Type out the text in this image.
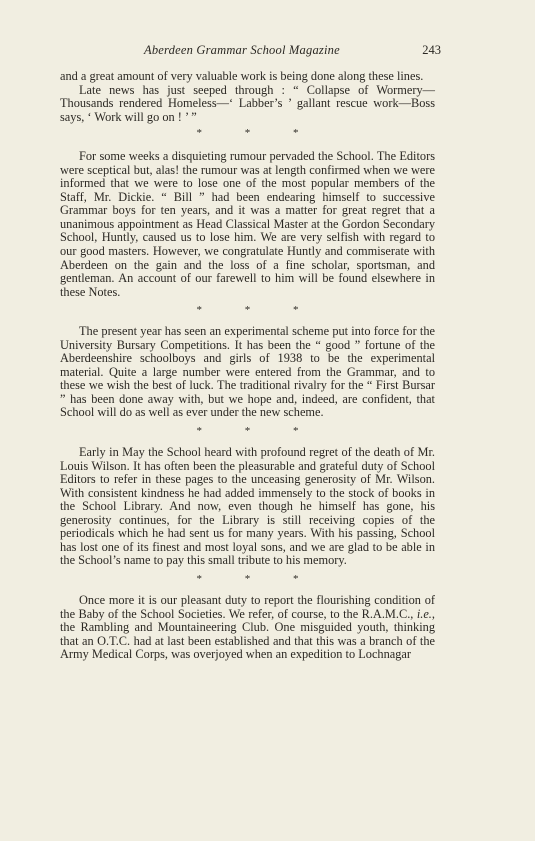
Aberdeen Grammar School Magazine	243

and a great amount of very valuable work is being done along these lines.

Late news has just seeped through : “ Collapse of Wormery—Thousands rendered Homeless—‘ Labber’s ’ gallant rescue work—Boss says, ‘ Work will go on ! ’ ”

* * *

For some weeks a disquieting rumour pervaded the School. The Editors were sceptical but, alas! the rumour was at length confirmed when we were informed that we were to lose one of the most popular members of the Staff, Mr. Dickie. “ Bill ” had been endearing himself to successive Grammar boys for ten years, and it was a matter for great regret that a unanimous appointment as Head Classical Master at the Gordon Secondary School, Huntly, caused us to lose him. We are very selfish with regard to our good masters. However, we congratulate Huntly and commiserate with Aberdeen on the gain and the loss of a fine scholar, sportsman, and gentleman. An account of our farewell to him will be found elsewhere in these Notes.

* * *

The present year has seen an experimental scheme put into force for the University Bursary Competitions. It has been the “ good ” fortune of the Aberdeenshire schoolboys and girls of 1938 to be the experimental material. Quite a large number were entered from the Grammar, and to these we wish the best of luck. The traditional rivalry for the “ First Bursar ” has been done away with, but we hope and, indeed, are confident, that School will do as well as ever under the new scheme.

* * *

Early in May the School heard with profound regret of the death of Mr. Louis Wilson. It has often been the pleasurable and grateful duty of School Editors to refer in these pages to the unceasing generosity of Mr. Wilson. With consistent kindness he had added immensely to the stock of books in the School Library. And now, even though he himself has gone, his generosity continues, for the Library is still receiving copies of the periodicals which he had sent us for many years. With his passing, School has lost one of its finest and most loyal sons, and we are glad to be able in the School’s name to pay this small tribute to his memory.

* * *

Once more it is our pleasant duty to report the flourishing condition of the Baby of the School Societies. We refer, of course, to the R.A.M.C., i.e., the Rambling and Mountaineering Club. One misguided youth, thinking that an O.T.C. had at last been established and that this was a branch of the Army Medical Corps, was overjoyed when an expedition to Lochnagar
